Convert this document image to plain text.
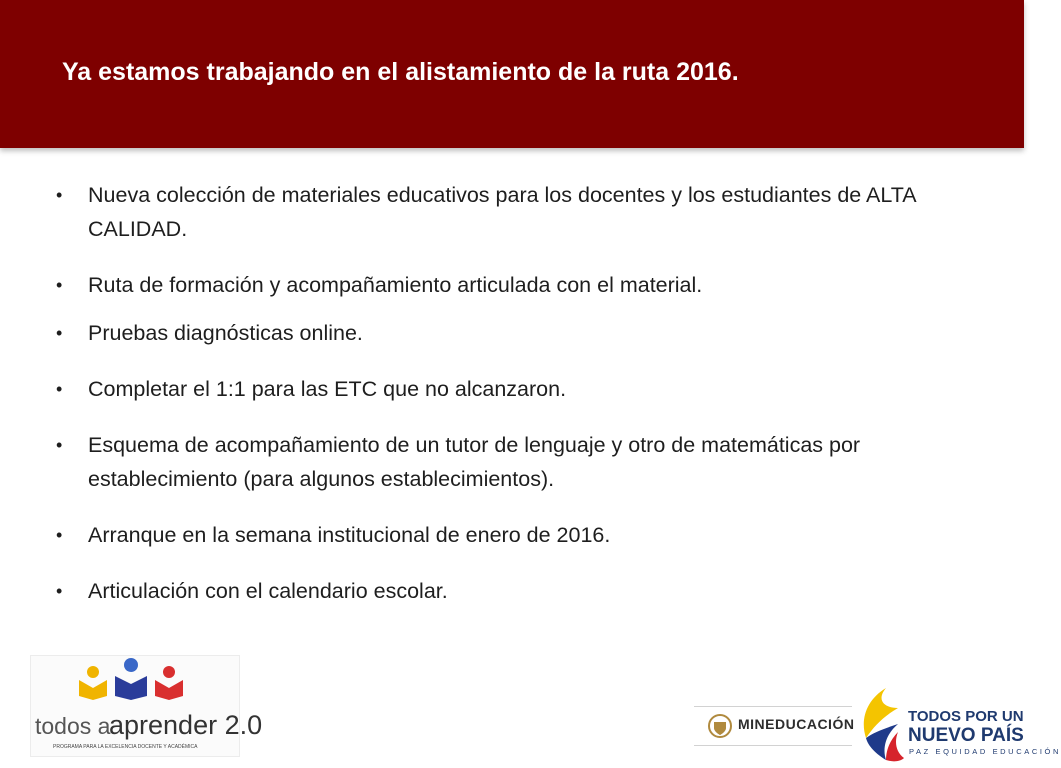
Ya estamos trabajando en el alistamiento de la ruta 2016.
• Nueva colección de materiales educativos para los docentes y los estudiantes de ALTA CALIDAD.
• Ruta de formación y acompañamiento articulada con el material.
• Pruebas diagnósticas online.
• Completar el 1:1 para las ETC que no alcanzaron.
• Esquema de acompañamiento de un tutor de lenguaje y otro de matemáticas por establecimiento (para algunos establecimientos).
• Arranque en la semana institucional de enero de 2016.
• Articulación con el calendario escolar.
todos a
aprender 2.0
PROGRAMA PARA LA EXCELENCIA DOCENTE Y ACADÉMICA
MINEDUCACIÓN	TODOS POR UN
NUEVO PAÍS
PAZ EQUIDAD EDUCACIÓN
